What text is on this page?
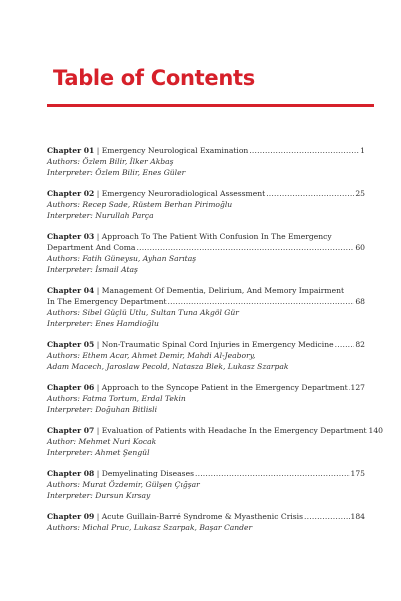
Table of Contents
Chapter 01 | Emergency Neurological Examination .....	1
Authors: Özlem Bilir, İlker Akbaş
Interpreter: Özlem Bilir, Enes Güler
Chapter 02 | Emergency Neuroradiological Assessment .....	25
Authors: Recep Sade, Rüstem Berhan Pirimoğlu
Interpreter: Nurullah Parça
Chapter 03 | Approach To The Patient With Confusion In The Emergency
Department And Coma .....	60
Authors: Fatih Güneysu, Ayhan Sarıtaş
Interpreter: İsmail Ataş
Chapter 04 | Management Of Dementia, Delirium, And Memory Impairment
In The Emergency Department .....	68
Authors: Sibel Güçlü Utlu, Sultan Tuna Akgöl Gür
Interpreter: Enes Hamdioğlu
Chapter 05 | Non-Traumatic Spinal Cord Injuries in Emergency Medicine .....	82
Authors: Ethem Acar, Ahmet Demir, Mahdi Al-Jeabory,
Adam Macech, Jaroslaw Pecold, Natasza Blek, Lukasz Szarpak
Chapter 06 | Approach to the Syncope Patient in the Emergency Department ..... 127
Authors: Fatma Tortum, Erdal Tekin
Interpreter: Doğuhan Bitlisli
Chapter 07 | Evaluation of Patients with Headache In the Emergency Department 140
Author: Mehmet Nuri Kocak
Interpreter: Ahmet Şengül
Chapter 08 | Demyelinating Diseases .....	175
Authors: Murat Özdemir, Gülşen Çığşar
Interpreter: Dursun Kırsay
Chapter 09 | Acute Guillain-Barré Syndrome & Myasthenic Crisis .....	184
Authors: Michal Pruc, Lukasz Szarpak, Başar Cander
